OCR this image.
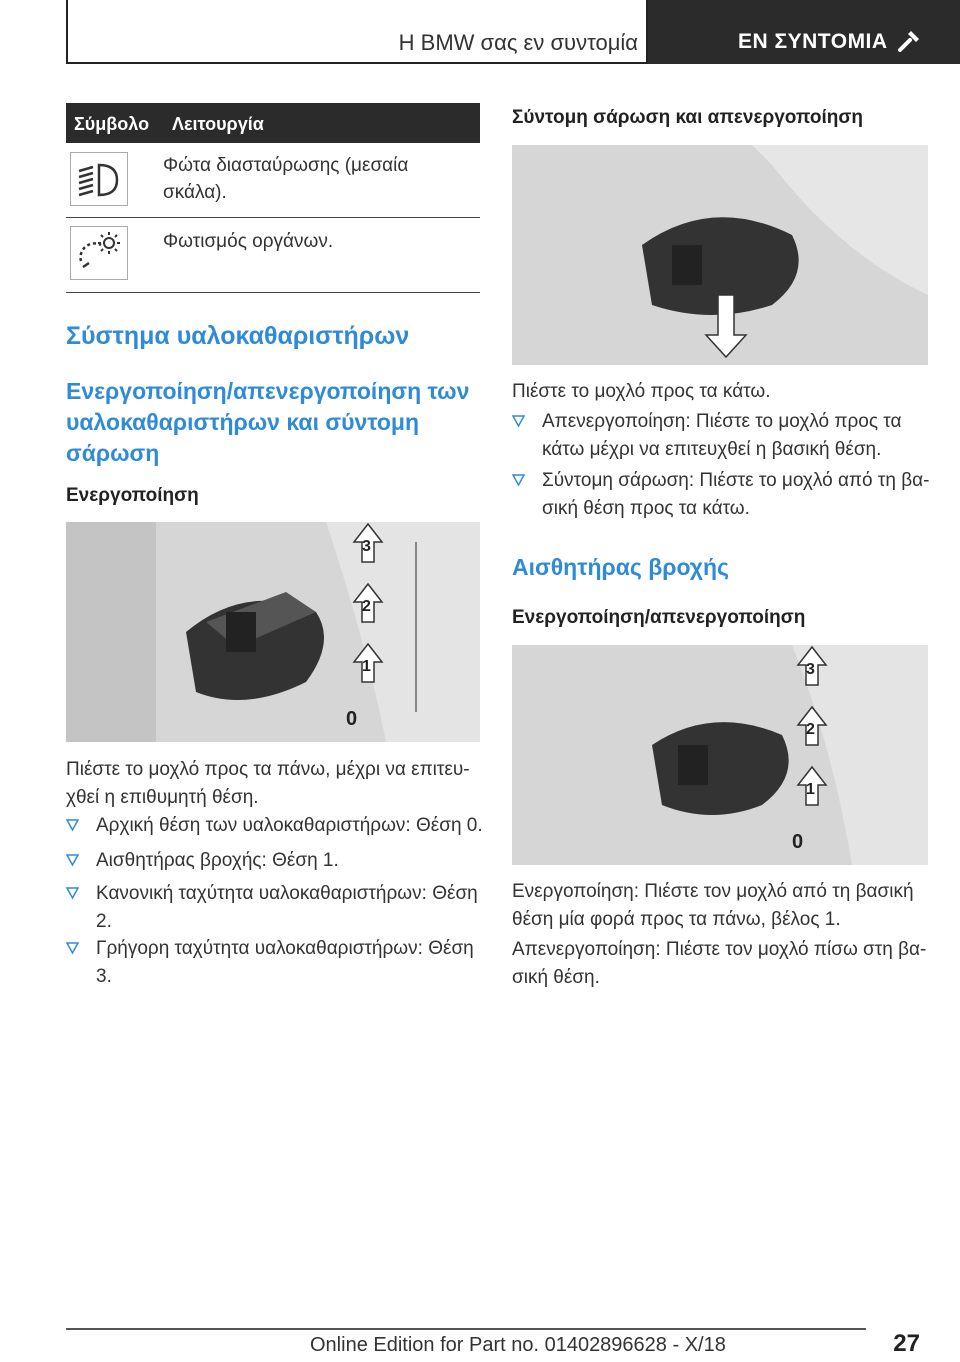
Η BMW σας εν συντομία	ΕΝ ΣΥΝΤΟΜΙΑ
Σύμβολο Λειτουργία
Φώτα διασταύρωσης (μεσαία
σκάλα).
Φωτισμός οργάνων.
Σύστημα υαλοκαθαριστήρων
Ενεργοποίηση/απενεργοποίηση των
υαλοκαθαριστήρων και σύντομη
σάρωση
Ενεργοποίηση
3
2
1
0
Πιέστε το μοχλό προς τα πάνω, μέχρι να επιτευ-
χθεί η επιθυμητή θέση.
Αρχική θέση των υαλοκαθαριστήρων: Θέση 0.
Αισθητήρας βροχής: Θέση 1.
Κανονική ταχύτητα υαλοκαθαριστήρων: Θέση
2.
Γρήγορη ταχύτητα υαλοκαθαριστήρων: Θέση
3.
Σύντομη σάρωση και απενεργοποίηση
Πιέστε το μοχλό προς τα κάτω.
Απενεργοποίηση: Πιέστε το μοχλό προς τα
κάτω μέχρι να επιτευχθεί η βασική θέση.
Σύντομη σάρωση: Πιέστε το μοχλό από τη βα-
σική θέση προς τα κάτω.
Αισθητήρας βροχής
Ενεργοποίηση/απενεργοποίηση
3
2
1
0
Ενεργοποίηση: Πιέστε τον μοχλό από τη βασική
θέση μία φορά προς τα πάνω, βέλος 1.
Απενεργοποίηση: Πιέστε τον μοχλό πίσω στη βα-
σική θέση.
27
Online Edition for Part no. 01402896628 - X/18
